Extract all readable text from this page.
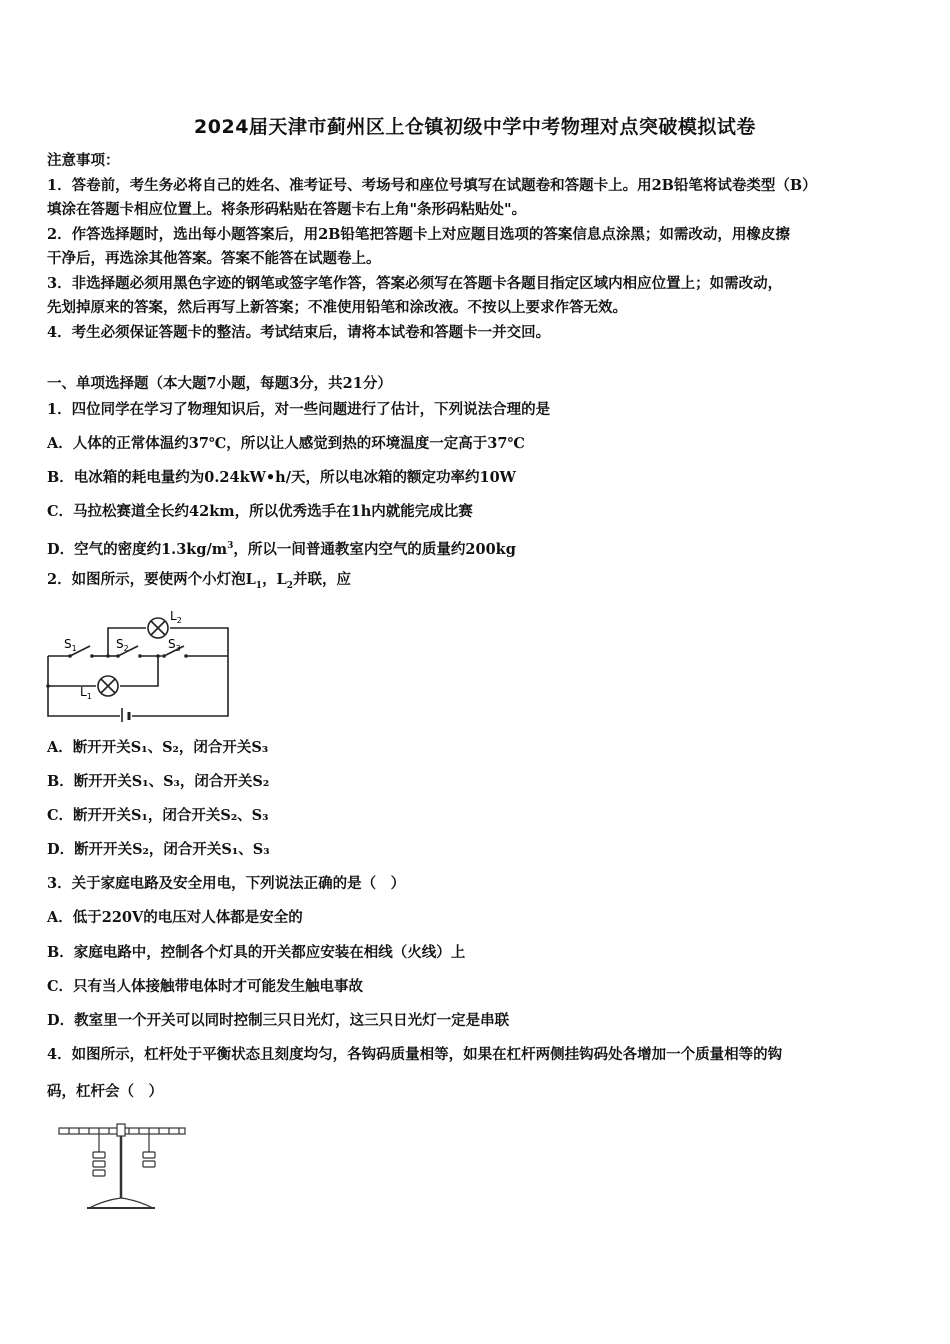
2024届天津市蓟州区上仓镇初级中学中考物理对点突破模拟试卷
注意事项：
1．答卷前，考生务必将自己的姓名、准考证号、考场号和座位号填写在试题卷和答题卡上。用2B铅笔将试卷类型（B）
填涂在答题卡相应位置上。将条形码粘贴在答题卡右上角"条形码粘贴处"。
2．作答选择题时，选出每小题答案后，用2B铅笔把答题卡上对应题目选项的答案信息点涂黑；如需改动，用橡皮擦
干净后，再选涂其他答案。答案不能答在试题卷上。
3．非选择题必须用黑色字迹的钢笔或签字笔作答，答案必须写在答题卡各题目指定区域内相应位置上；如需改动，
先划掉原来的答案，然后再写上新答案；不准使用铅笔和涂改液。不按以上要求作答无效。
4．考生必须保证答题卡的整洁。考试结束后，请将本试卷和答题卡一并交回。
一、单项选择题（本大题7小题，每题3分，共21分）
1．四位同学在学习了物理知识后，对一些问题进行了估计，下列说法合理的是
A．人体的正常体温约37℃，所以让人感觉到热的环境温度一定高于37℃
B．电冰箱的耗电量约为0.24kW•h/天，所以电冰箱的额定功率约10W
C．马拉松赛道全长约42km，所以优秀选手在1h内就能完成比赛
D．空气的密度约$1.3kg/m^3$，所以一间普通教室内空气的质量约200kg
2．如图所示，要使两个小灯泡$L_1$，$L_2$并联，应
$S_1$	$S_2$	$S_3$
$L_1$
$L_2$
A．断开开关S₁、S₂，闭合开关S₃
B．断开开关S₁、S₃，闭合开关S₂
C．断开开关S₁，闭合开关S₂、S₃
D．断开开关S₂，闭合开关S₁、S₃
3．关于家庭电路及安全用电，下列说法正确的是（　）
A．低于220V的电压对人体都是安全的
B．家庭电路中，控制各个灯具的开关都应安装在相线（火线）上
C．只有当人体接触带电体时才可能发生触电事故
D．教室里一个开关可以同时控制三只日光灯，这三只日光灯一定是串联
4．如图所示，杠杆处于平衡状态且刻度均匀，各钩码质量相等，如果在杠杆两侧挂钩码处各增加一个质量相等的钩
码，杠杆会（　）
